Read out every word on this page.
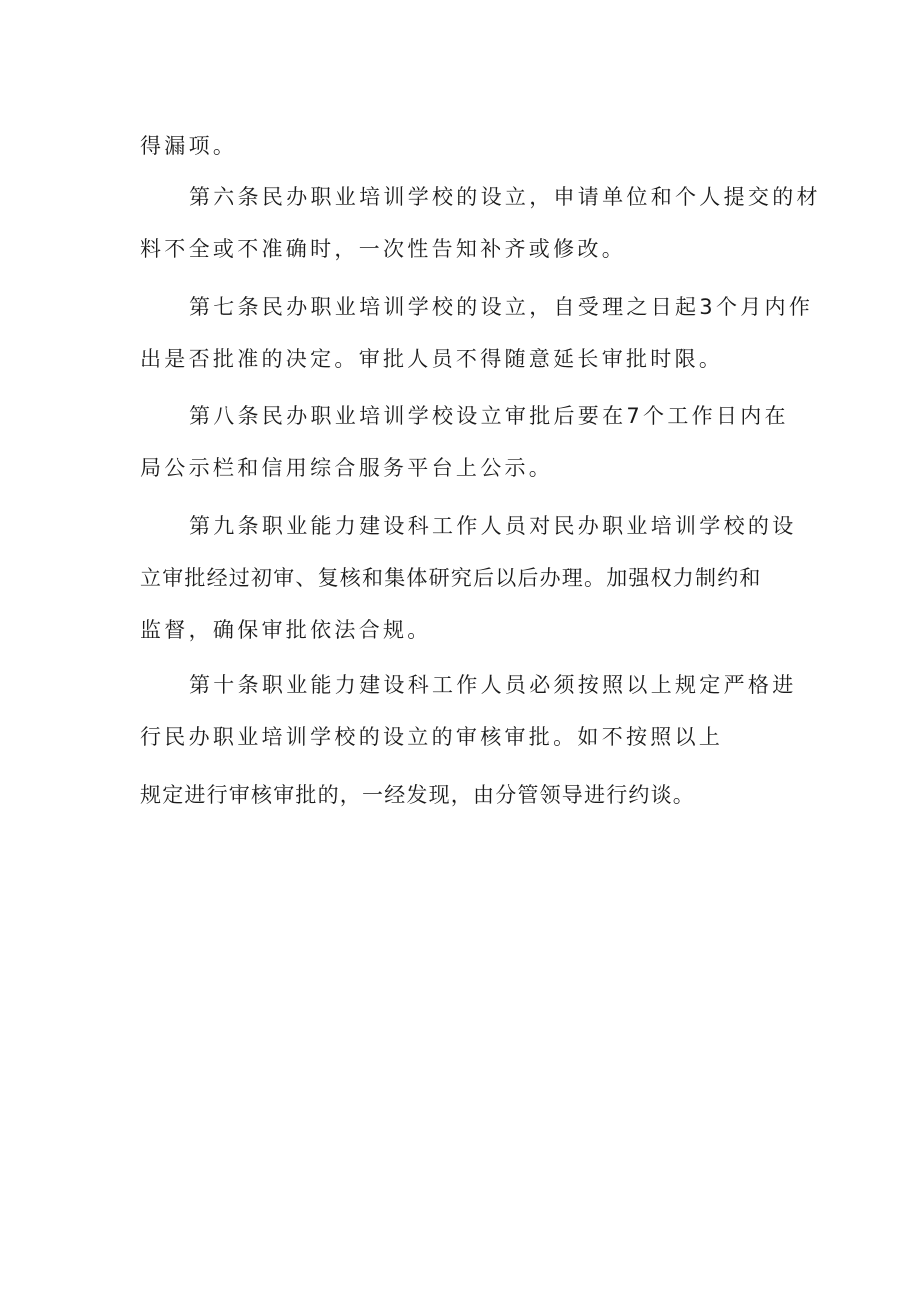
得漏项。
第六条民办职业培训学校的设立，申请单位和个人提交的材
料不全或不准确时，一次性告知补齐或修改。
第七条民办职业培训学校的设立，自受理之日起3个月内作
出是否批准的决定。审批人员不得随意延长审批时限。
第八条民办职业培训学校设立审批后要在7个工作日内在
局公示栏和信用综合服务平台上公示。
第九条职业能力建设科工作人员对民办职业培训学校的设
立审批经过初审、复核和集体研究后以后办理。加强权力制约和
监督，确保审批依法合规。
第十条职业能力建设科工作人员必须按照以上规定严格进
行民办职业培训学校的设立的审核审批。如不按照以上
规定进行审核审批的，一经发现，由分管领导进行约谈。
